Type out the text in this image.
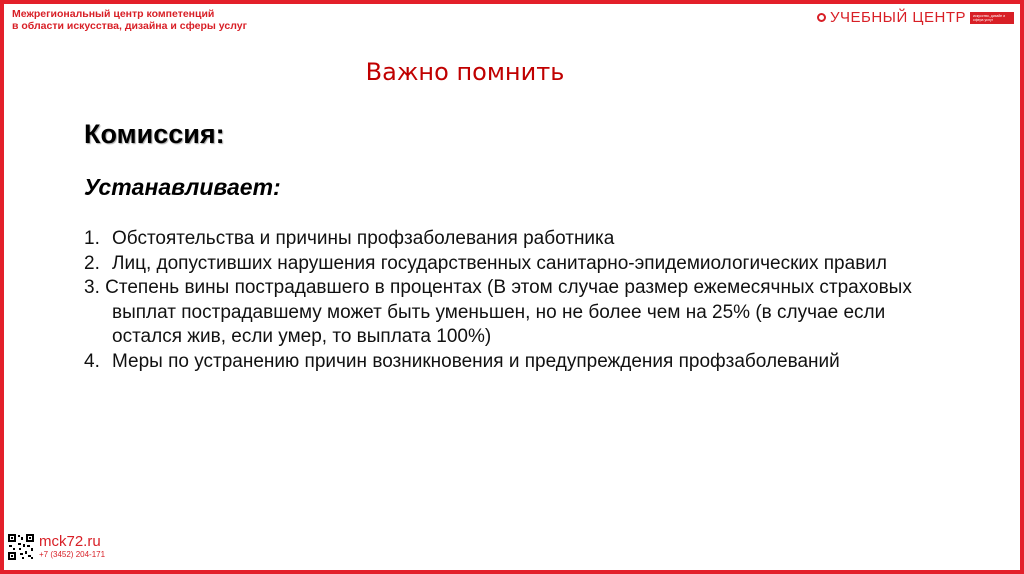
Межрегиональный центр компетенций
в области искусства, дизайна и сферы услуг	УЧЕБНЫЙ ЦЕНТР	искусство, дизайн и сфера услуг
Важно помнить
Комиссия:
Устанавливает:
1. Обстоятельства и причины профзаболевания работника
2. Лиц, допустивших нарушения государственных санитарно-эпидемиологических правил
3. Степень вины пострадавшего в процентах (В этом случае размер ежемесячных страховых выплат пострадавшему может быть уменьшен, но не более чем на 25% (в случае если остался жив, если умер, то выплата 100%)
4. Меры по устранению причин возникновения и предупреждения профзаболеваний
mck72.ru
+7 (3452) 204-171
